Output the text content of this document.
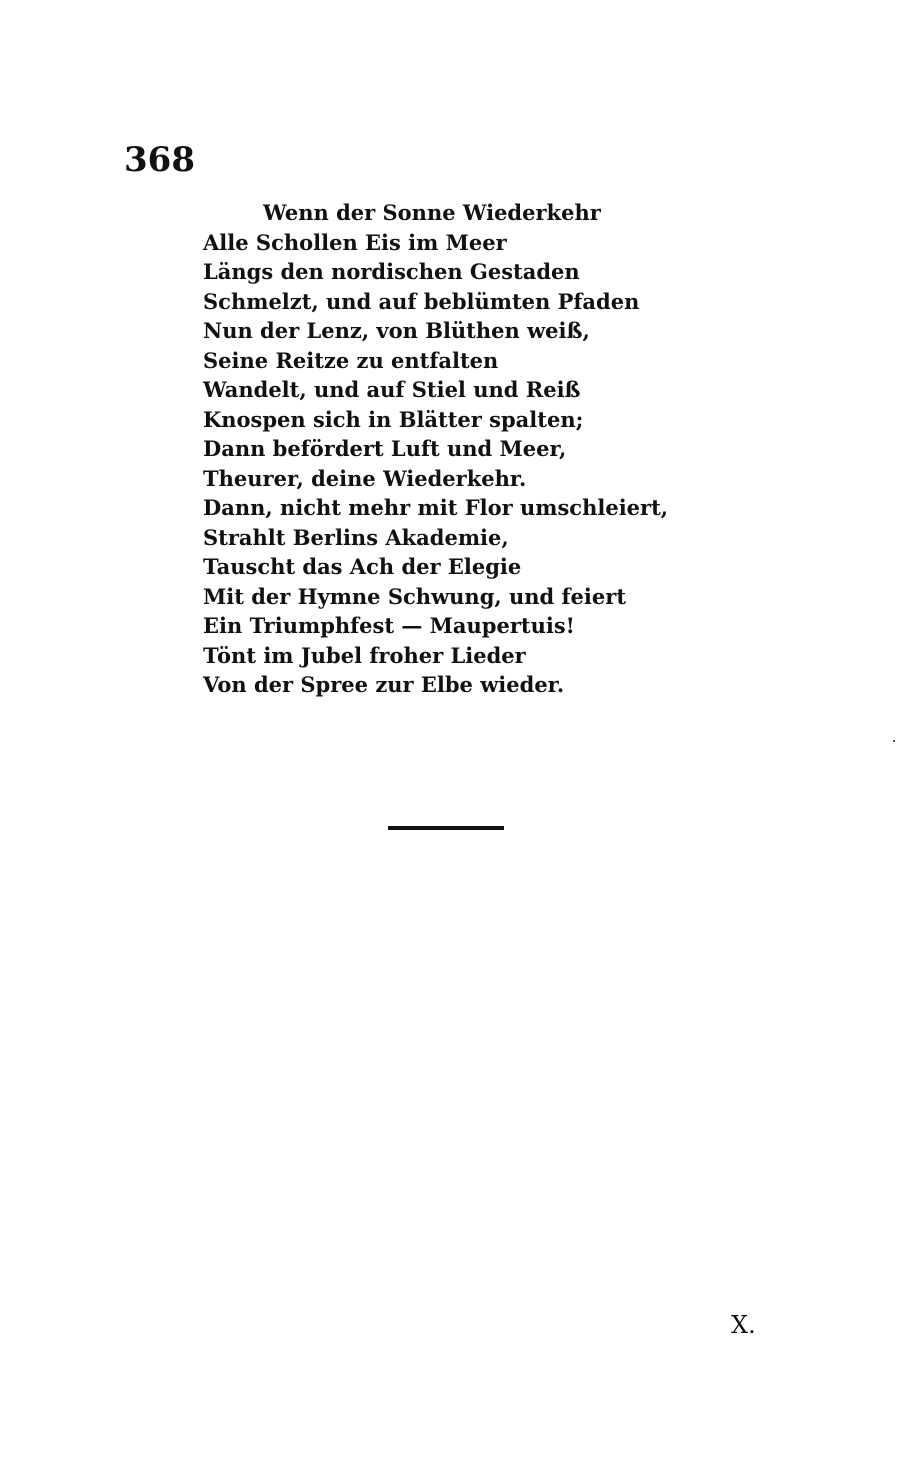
368
Wenn der Sonne Wiederkehr
Alle Schollen Eis im Meer
Längs den nordischen Gestaden
Schmelzt, und auf beblümten Pfaden
Nun der Lenz, von Blüthen weiß,
Seine Reitze zu entfalten
Wandelt, und auf Stiel und Reiß
Knospen sich in Blätter spalten;
Dann befördert Luft und Meer,
Theurer, deine Wiederkehr.
Dann, nicht mehr mit Flor umschleiert,
Strahlt Berlins Akademie,
Tauscht das Ach der Elegie
Mit der Hymne Schwung, und feiert
Ein Triumphfest — Maupertuis!
Tönt im Jubel froher Lieder
Von der Spree zur Elbe wieder.
X.
